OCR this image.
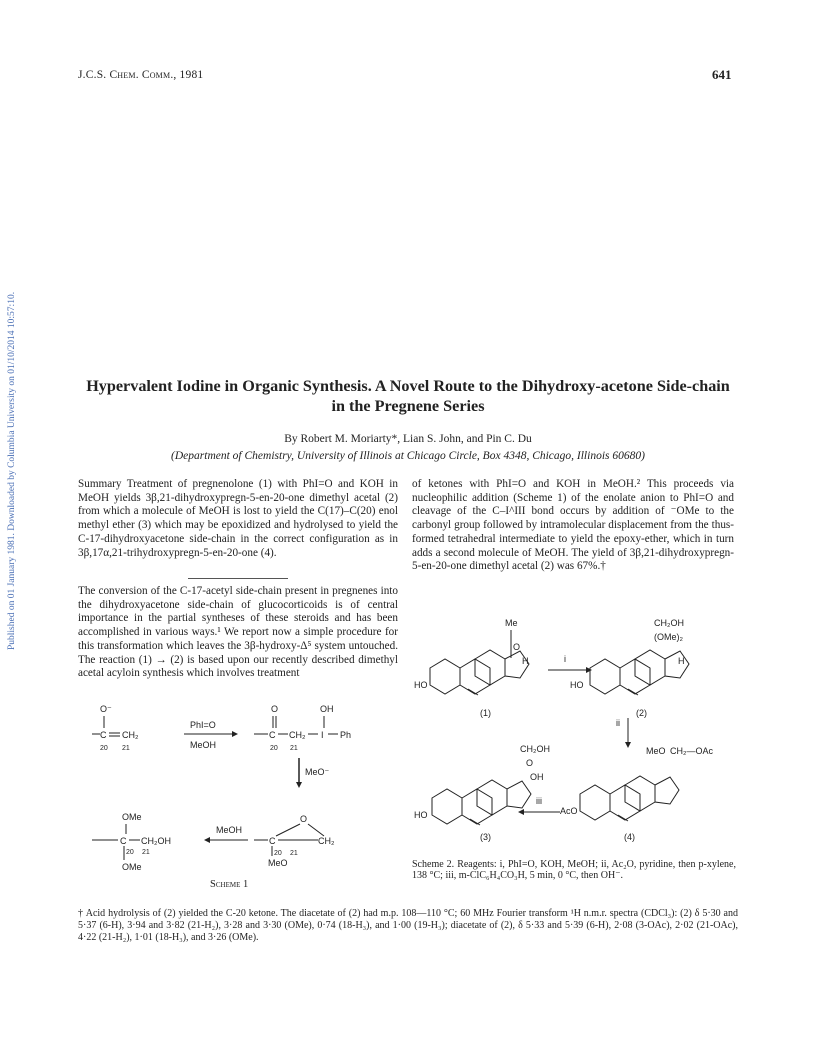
J.C.S. Chem. Comm., 1981	641
Published on 01 January 1981. Downloaded by Columbia University on 01/10/2014 10:57:10.	Hypervalent Iodine in Organic Synthesis. A Novel Route to the Dihydroxy-acetone Side-chain in the Pregnene Series
By Robert M. Moriarty*, Lian S. John, and Pin C. Du
(Department of Chemistry, University of Illinois at Chicago Circle, Box 4348, Chicago, Illinois 60680)
Summary Treatment of pregnenolone (1) with PhI=O and KOH in MeOH yields 3β,21-dihydroxypregn-5-en-20-one dimethyl acetal (2) from which a molecule of MeOH is lost to yield the C(17)–C(20) enol methyl ether (3) which may be epoxidized and hydrolysed to yield the C-17-dihydroxyacetone side-chain in the correct configuration as in 3β,17α,21-trihydroxypregn-5-en-20-one (4).
The conversion of the C-17-acetyl side-chain present in pregnenes into the dihydroxyacetone side-chain of glucocorticoids is of central importance in the partial syntheses of these steroids and has been accomplished in various ways.¹ We report now a simple procedure for this transformation which leaves the 3β-hydroxy-Δ⁵ system untouched. The reaction (1) → (2) is based upon our recently described dimethyl acetal acyloin synthesis which involves treatment
of ketones with PhI=O and KOH in MeOH.² This proceeds via nucleophilic addition (Scheme 1) of the enolate anion to PhI=O and cleavage of the C–I^III bond occurs by addition of ⁻OMe to the carbonyl group followed by intramolecular displacement from the thus-formed tetrahedral intermediate to yield the epoxy-ether, which in turn adds a second molecule of MeOH. The yield of 3β,21-dihydroxypregn-5-en-20-one dimethyl acetal (2) was 67%.†
O⁻
C CH₂
20 21
PhI=O
MeOH
O	OH
C CH₂ I Ph
20 21
MeO⁻
O
C	CH₂
20 21
MeO
MeOH
OMe
C CH₂OH
20 21
OMe
Scheme 1
HO
Me
O
H
(1)
i
HO
CH₂OH
(OMe)₂
H
(2)
ii
AcO
MeO CH₂—OAc
(4)
iii
HO
CH₂OH
O
OH
(3)
Scheme 2. Reagents: i, PhI=O, KOH, MeOH; ii, Ac₂O, pyridine, then p-xylene, 138 °C; iii, m-ClC₆H₄CO₃H, 5 min, 0 °C, then OH⁻.
† Acid hydrolysis of (2) yielded the C-20 ketone. The diacetate of (2) had m.p. 108—110 °C; 60 MHz Fourier transform ¹H n.m.r. spectra (CDCl₃): (2) δ 5·30 and 5·37 (6-H), 3·94 and 3·82 (21-H₂), 3·28 and 3·30 (OMe), 0·74 (18-H₃), and 1·00 (19-H₃); diacetate of (2), δ 5·33 and 5·39 (6-H), 2·08 (3-OAc), 2·02 (21-OAc), 4·22 (21-H₂), 1·01 (18-H₃), and 3·26 (OMe).
